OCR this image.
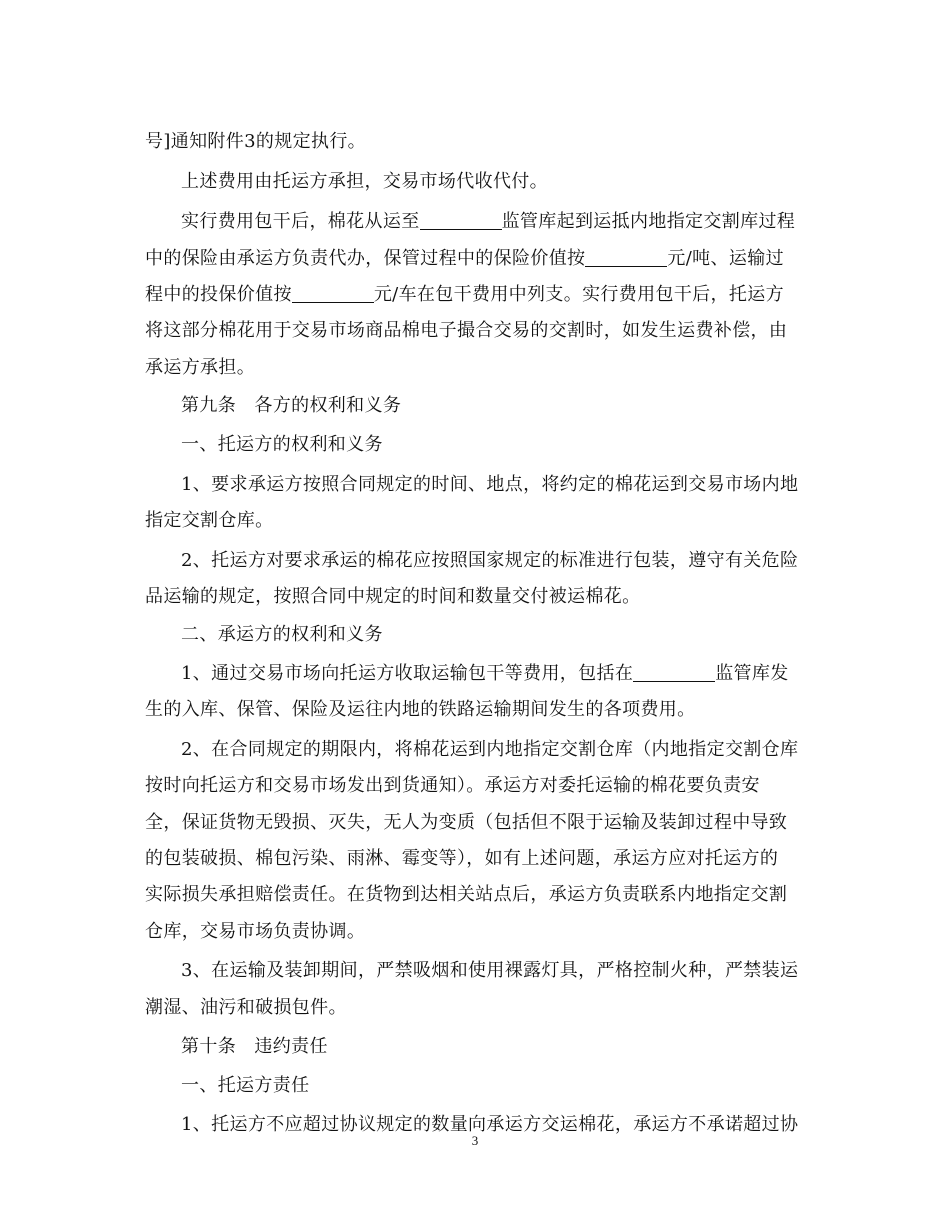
号]通知附件3的规定执行。
上述费用由托运方承担，交易市场代收代付。
实行费用包干后，棉花从运至	监管库起到运抵内地指定交割库过程
中的保险由承运方负责代办，保管过程中的保险价值按	元/吨、运输过
程中的投保价值按	元/车在包干费用中列支。实行费用包干后，托运方
将这部分棉花用于交易市场商品棉电子撮合交易的交割时，如发生运费补偿，由
承运方承担。
第九条　各方的权利和义务
一、托运方的权利和义务
1、要求承运方按照合同规定的时间、地点，将约定的棉花运到交易市场内地
指定交割仓库。
2、托运方对要求承运的棉花应按照国家规定的标准进行包装，遵守有关危险
品运输的规定，按照合同中规定的时间和数量交付被运棉花。
二、承运方的权利和义务
1、通过交易市场向托运方收取运输包干等费用，包括在	监管库发
生的入库、保管、保险及运往内地的铁路运输期间发生的各项费用。
2、在合同规定的期限内，将棉花运到内地指定交割仓库（内地指定交割仓库
按时向托运方和交易市场发出到货通知）。承运方对委托运输的棉花要负责安
全，保证货物无毁损、灭失，无人为变质（包括但不限于运输及装卸过程中导致
的包装破损、棉包污染、雨淋、霉变等），如有上述问题，承运方应对托运方的
实际损失承担赔偿责任。在货物到达相关站点后，承运方负责联系内地指定交割
仓库，交易市场负责协调。
3、在运输及装卸期间，严禁吸烟和使用裸露灯具，严格控制火种，严禁装运
潮湿、油污和破损包件。
第十条　违约责任
一、托运方责任
1、托运方不应超过协议规定的数量向承运方交运棉花，承运方不承诺超过协
3
